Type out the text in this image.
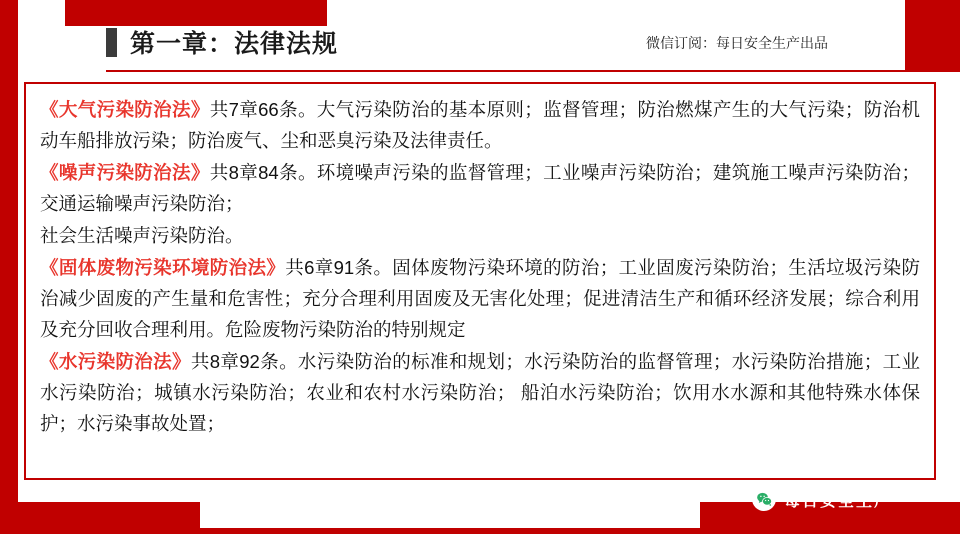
第一章：法律法规	微信订阅：每日安全生产出品

《大气污染防治法》共7章66条。大气污染防治的基本原则；监督管理；防治燃煤产生的大气污染；防治机动车船排放污染；防治废气、尘和恶臭污染及法律责任。

《噪声污染防治法》共8章84条。环境噪声污染的监督管理；工业噪声污染防治；建筑施工噪声污染防治；交通运输噪声污染防治；

社会生活噪声污染防治。

《固体废物污染环境防治法》共6章91条。固体废物污染环境的防治；工业固废污染防治；生活垃圾污染防治减少固废的产生量和危害性；充分合理利用固废及无害化处理；促进清洁生产和循环经济发展；综合利用及充分回收合理利用。危险废物污染防治的特别规定

《水污染防治法》共8章92条。水污染防治的标准和规划；水污染防治的监督管理；水污染防治措施；工业水污染防治；城镇水污染防治；农业和农村水污染防治； 船泊水污染防治；饮用水水源和其他特殊水体保护；水污染事故处置；

每日安全生产
